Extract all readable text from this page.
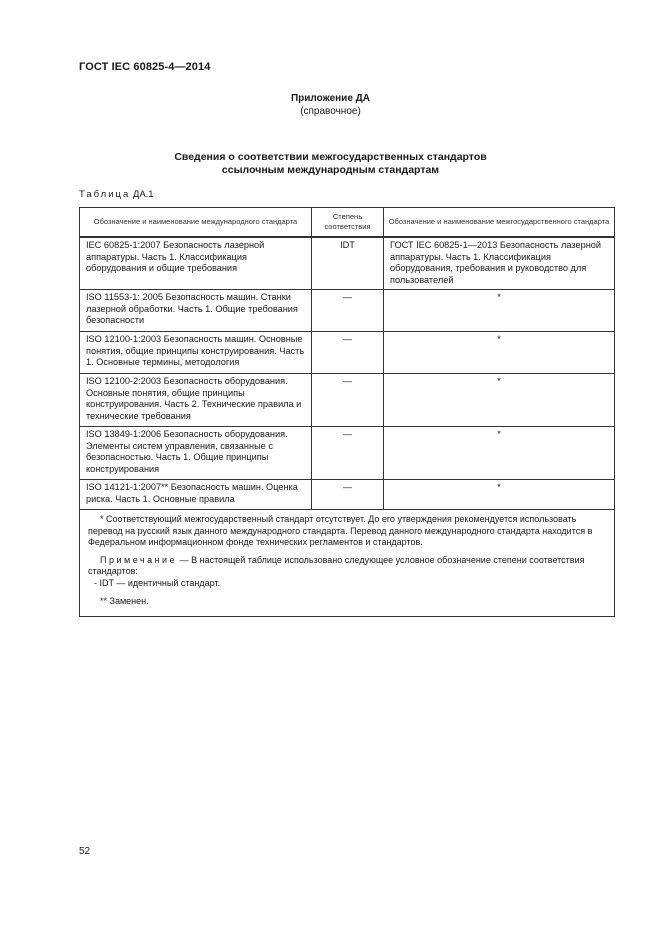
ГОСТ IEC 60825-4—2014
Приложение ДА
(справочное)
Сведения о соответствии межгосударственных стандартов
ссылочным международным стандартам
Таблица ДА.1
Обозначение и наименование международного стандарта	Степень соответствия	Обозначение и наименование межгосударственного стандарта
IEC 60825-1:2007 Безопасность лазерной аппаратуры. Часть 1. Классификация оборудования и общие требования	IDT	ГОСТ IEC 60825-1—2013 Безопасность лазерной аппаратуры. Часть 1. Классификация оборудования, требования и руководство для пользователей
ISO 11553-1: 2005 Безопасность машин. Станки лазерной обработки. Часть 1. Общие требования безопасности	—	*
ISO 12100-1:2003 Безопасность машин. Основные понятия, общие принципы конструирования. Часть 1. Основные термины, методология	—	*
ISO 12100-2:2003 Безопасность оборудования. Основные понятия, общие принципы конструирования. Часть 2. Технические правила и технические требования	—	*
ISO 13849-1:2006 Безопасность оборудования. Элементы систем управления, связанные с безопасностью. Часть 1. Общие принципы конструирования	—	*
ISO 14121-1:2007** Безопасность машин. Оценка риска. Часть 1. Основные правила	—	*

* Соответствующий межгосударственный стандарт отсутствует. До его утверждения рекомендуется использовать перевод на русский язык данного международного стандарта. Перевод данного международного стандарта находится в Федеральном информационном фонде технических регламентов и стандартов.

Примечание — В настоящей таблице использовано следующее условное обозначение степени соответствия стандартов:

- IDT — идентичный стандарт.

** Заменен.		

52
